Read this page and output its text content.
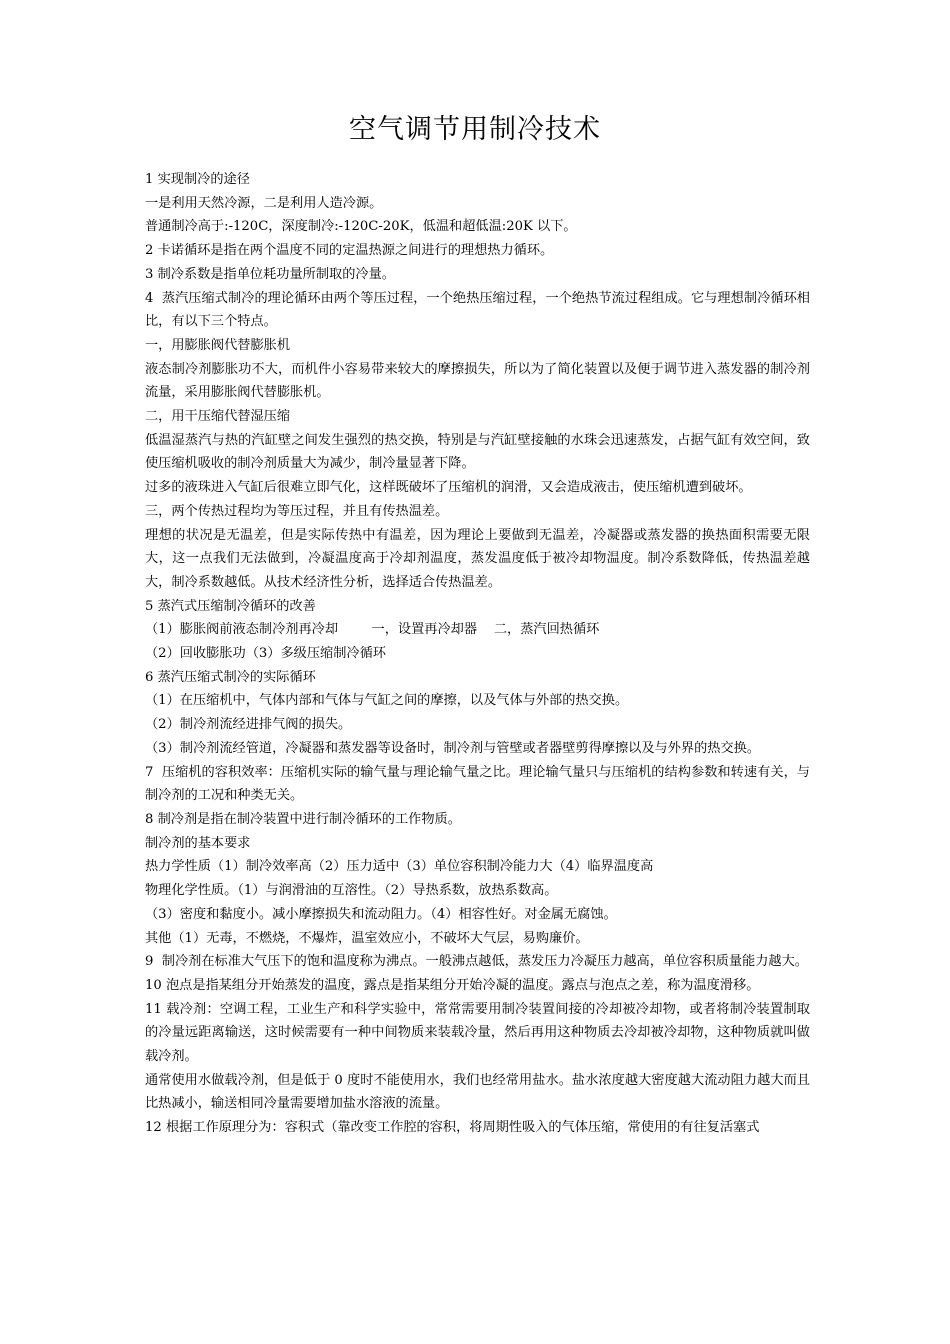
空气调节用制冷技术

1 实现制冷的途径

一是利用天然冷源，二是利用人造冷源。

普通制冷高于:-120C，深度制冷:-120C-20K，低温和超低温:20K 以下。

2 卡诺循环是指在两个温度不同的定温热源之间进行的理想热力循环。

3 制冷系数是指单位耗功量所制取的冷量。

4  蒸汽压缩式制冷的理论循环由两个等压过程，一个绝热压缩过程，一个绝热节流过程组成。它与理想制冷循环相比，有以下三个特点。

一，用膨胀阀代替膨胀机

液态制冷剂膨胀功不大，而机件小容易带来较大的摩擦损失，所以为了简化装置以及便于调节进入蒸发器的制冷剂流量，采用膨胀阀代替膨胀机。

二，用干压缩代替湿压缩

低温湿蒸汽与热的汽缸壁之间发生强烈的热交换，特别是与汽缸壁接触的水珠会迅速蒸发，占据气缸有效空间，致使压缩机吸收的制冷剂质量大为减少，制冷量显著下降。

过多的液珠进入气缸后很难立即气化，这样既破坏了压缩机的润滑，又会造成液击，使压缩机遭到破坏。

三，两个传热过程均为等压过程，并且有传热温差。

理想的状况是无温差，但是实际传热中有温差，因为理论上要做到无温差，冷凝器或蒸发器的换热面积需要无限大，这一点我们无法做到，冷凝温度高于冷却剂温度，蒸发温度低于被冷却物温度。制冷系数降低，传热温差越大，制冷系数越低。从技术经济性分析，选择适合传热温差。

5 蒸汽式压缩制冷循环的改善

（1）膨胀阀前液态制冷剂再冷却        一，设置再冷却器    二，蒸汽回热循环

（2）回收膨胀功（3）多级压缩制冷循环

6 蒸汽压缩式制冷的实际循环

（1）在压缩机中，气体内部和气体与气缸之间的摩擦，以及气体与外部的热交换。

（2）制冷剂流经进排气阀的损失。

（3）制冷剂流经管道，冷凝器和蒸发器等设备时，制冷剂与管壁或者器壁剪得摩擦以及与外界的热交换。

7  压缩机的容积效率：压缩机实际的输气量与理论输气量之比。理论输气量只与压缩机的结构参数和转速有关，与制冷剂的工况和种类无关。

8 制冷剂是指在制冷装置中进行制冷循环的工作物质。

制冷剂的基本要求

热力学性质（1）制冷效率高（2）压力适中（3）单位容积制冷能力大（4）临界温度高

物理化学性质。（1）与润滑油的互溶性。（2）导热系数，放热系数高。

（3）密度和黏度小。减小摩擦损失和流动阻力。（4）相容性好。对金属无腐蚀。

其他（1）无毒，不燃烧，不爆炸，温室效应小，不破坏大气层，易购廉价。

9  制冷剂在标准大气压下的饱和温度称为沸点。一般沸点越低，蒸发压力冷凝压力越高，单位容积质量能力越大。

10 泡点是指某组分开始蒸发的温度，露点是指某组分开始冷凝的温度。露点与泡点之差，称为温度滑移。

11 载冷剂：空调工程，工业生产和科学实验中，常常需要用制冷装置间接的冷却被冷却物，或者将制冷装置制取的冷量远距离输送，这时候需要有一种中间物质来装载冷量，然后再用这种物质去冷却被冷却物，这种物质就叫做载冷剂。

通常使用水做载冷剂，但是低于 0 度时不能使用水，我们也经常用盐水。盐水浓度越大密度越大流动阻力越大而且比热减小，输送相同冷量需要增加盐水溶液的流量。

12 根据工作原理分为：容积式（靠改变工作腔的容积，将周期性吸入的气体压缩，常使用的有往复活塞式
